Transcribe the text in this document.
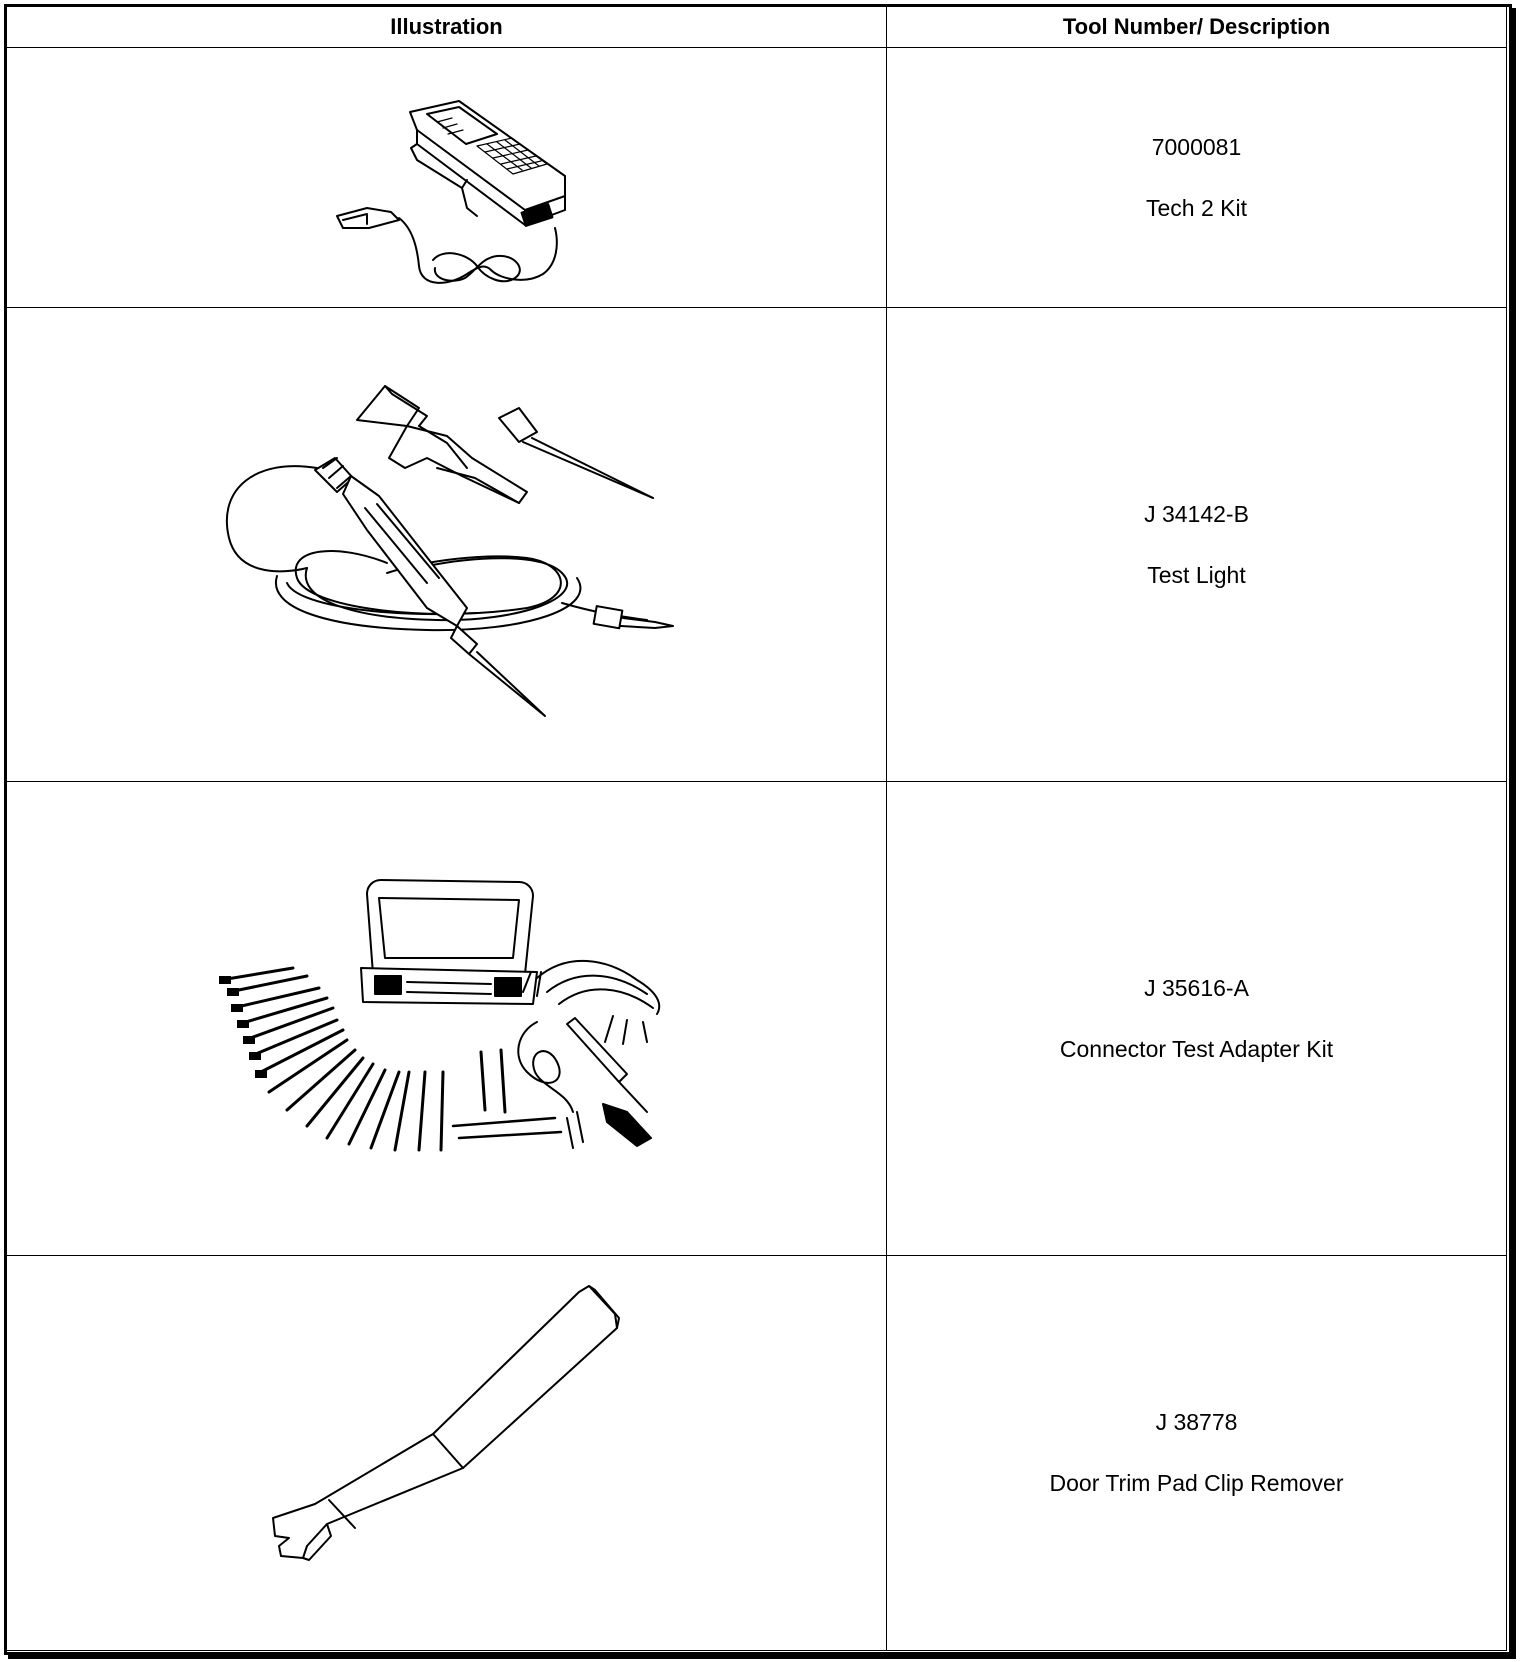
Illustration	Tool Number/ Description

7000081
Tech 2 Kit

J 34142-B
Test Light

J 35616-A
Connector Test Adapter Kit

J 38778
Door Trim Pad Clip Remover
